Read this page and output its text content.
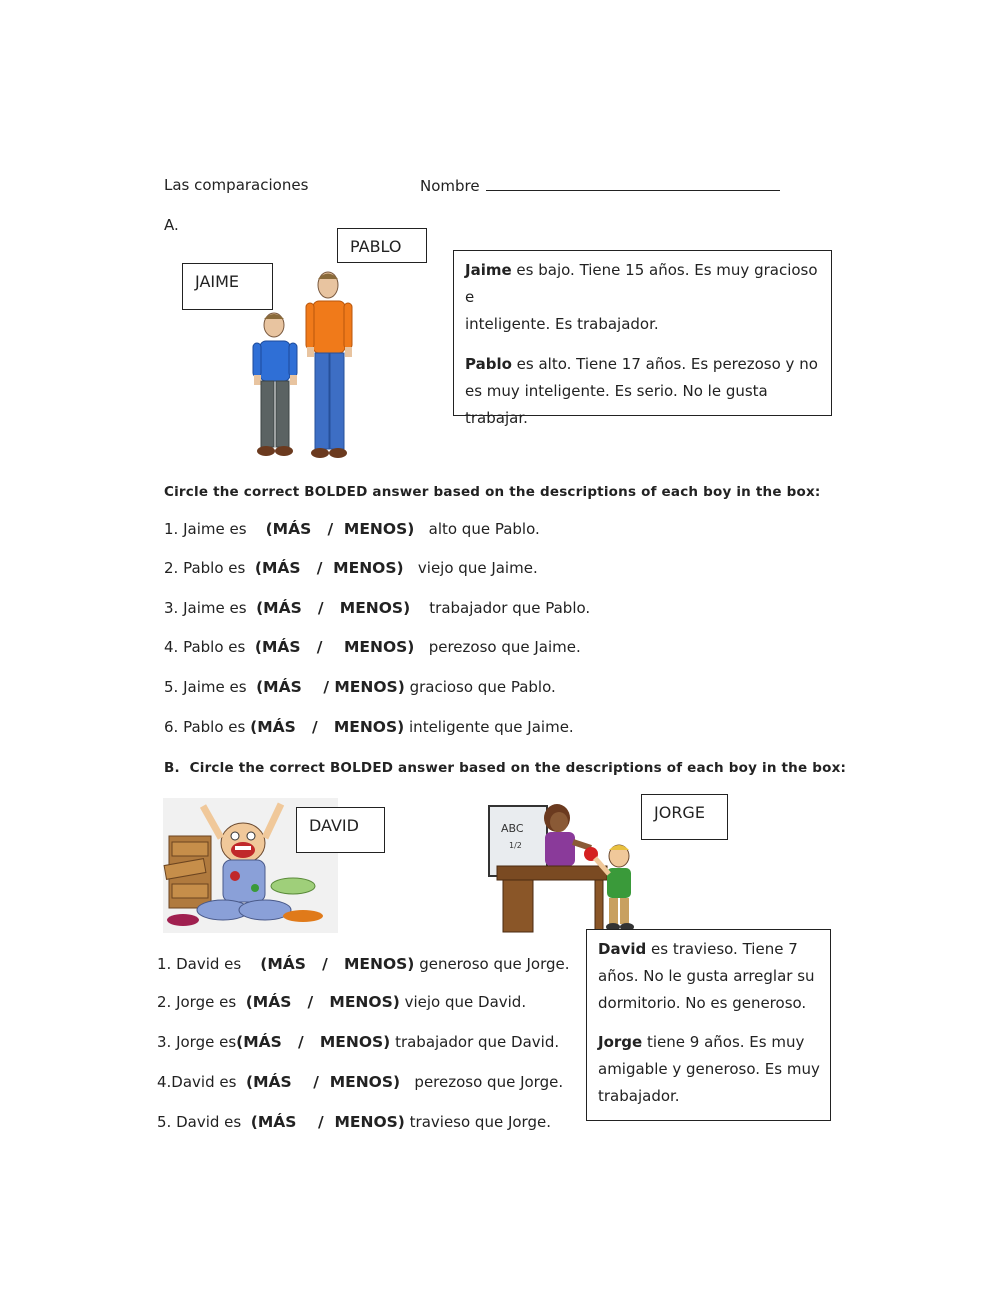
Las comparaciones	Nombre
A.
PABLO
JAIME

Jaime es bajo. Tiene 15 años. Es muy gracioso e

inteligente. Es trabajador.

Pablo es alto. Tiene 17 años. Es perezoso y no

es muy inteligente. Es serio. No le gusta

trabajar.

Circle the correct BOLDED answer based on the descriptions of each boy in the box:
1. Jaime es (MÁS   /  MENOS) alto que Pablo.
2. Pablo es (MÁS   /  MENOS) viejo que Jaime.
3. Jaime es (MÁS   /   MENOS) trabajador que Pablo.
4. Pablo es (MÁS   /    MENOS) perezoso que Jaime.
5. Jaime es (MÁS    / MENOS) gracioso que Pablo.
6. Pablo es (MÁS   /   MENOS) inteligente que Jaime.
B. Circle the correct BOLDED answer based on the descriptions of each boy in the box:
DAVID	ABC
1/2
JORGE

David es travieso. Tiene 7

años. No le gusta arreglar su

dormitorio. No es generoso.

Jorge tiene 9 años. Es muy

amigable y generoso. Es muy

trabajador.

1. David es (MÁS   /   MENOS) generoso que Jorge.
2. Jorge es (MÁS   /   MENOS) viejo que David.
3. Jorge es(MÁS   /   MENOS) trabajador que David.
4.David es (MÁS    /  MENOS) perezoso que Jorge.
5. David es (MÁS    /  MENOS) travieso que Jorge.
